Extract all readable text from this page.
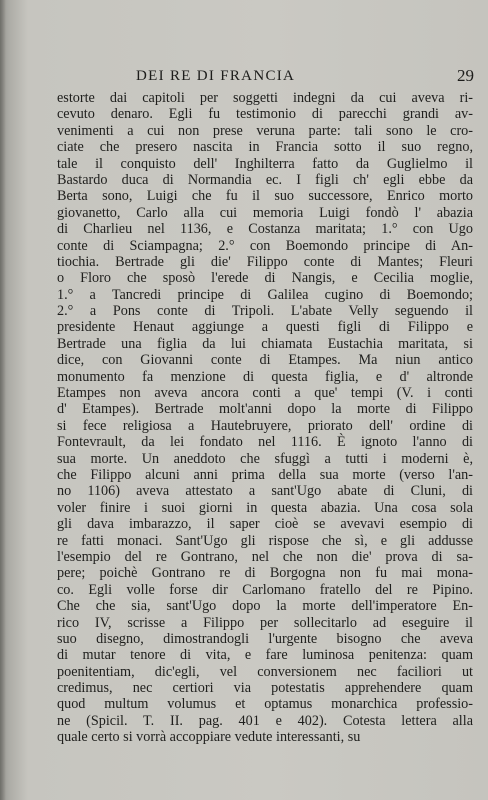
DEI RE DI FRANCIA	29
estorte dai capitoli per soggetti indegni da cui aveva ri-
cevuto denaro. Egli fu testimonio di parecchi grandi av-
venimenti a cui non prese veruna parte: tali sono le cro-
ciate che presero nascita in Francia sotto il suo regno,
tale il conquisto dell' Inghilterra fatto da Guglielmo il
Bastardo duca di Normandia ec. I figli ch' egli ebbe da
Berta sono, Luigi che fu il suo successore, Enrico morto
giovanetto, Carlo alla cui memoria Luigi fondò l' abazia
di Charlieu nel 1136, e Costanza maritata; 1.° con Ugo
conte di Sciampagna; 2.° con Boemondo principe di An-
tiochia. Bertrade gli die' Filippo conte di Mantes; Fleuri
o Floro che sposò l'erede di Nangis, e Cecilia moglie,
1.° a Tancredi principe di Galilea cugino di Boemondo;
2.° a Pons conte di Tripoli. L'abate Velly seguendo il
presidente Henaut aggiunge a questi figli di Filippo e
Bertrade una figlia da lui chiamata Eustachia maritata, si
dice, con Giovanni conte di Etampes. Ma niun antico
monumento fa menzione di questa figlia, e d' altronde
Etampes non aveva ancora conti a que' tempi (V. i conti
d' Etampes). Bertrade molt'anni dopo la morte di Filippo
si fece religiosa a Hautebruyere, priorato dell' ordine di
Fontevrault, da lei fondato nel 1116. È ignoto l'anno di
sua morte. Un aneddoto che sfuggì a tutti i moderni è,
che Filippo alcuni anni prima della sua morte (verso l'an-
no 1106) aveva attestato a sant'Ugo abate di Cluni, di
voler finire i suoi giorni in questa abazia. Una cosa sola
gli dava imbarazzo, il saper cioè se avevavi esempio di
re fatti monaci. Sant'Ugo gli rispose che sì, e gli addusse
l'esempio del re Gontrano, nel che non die' prova di sa-
pere; poichè Gontrano re di Borgogna non fu mai mona-
co. Egli volle forse dir Carlomano fratello del re Pipino.
Che che sia, sant'Ugo dopo la morte dell'imperatore En-
rico IV, scrisse a Filippo per sollecitarlo ad eseguire il
suo disegno, dimostrandogli l'urgente bisogno che aveva
di mutar tenore di vita, e fare luminosa penitenza: quam
poenitentiam, dic'egli, vel conversionem nec faciliori ut
credimus, nec certiori via potestatis apprehendere quam
quod multum volumus et optamus monarchica professio-
ne (Spicil. T. II. pag. 401 e 402). Cotesta lettera alla
quale certo si vorrà accoppiare vedute interessanti, su
